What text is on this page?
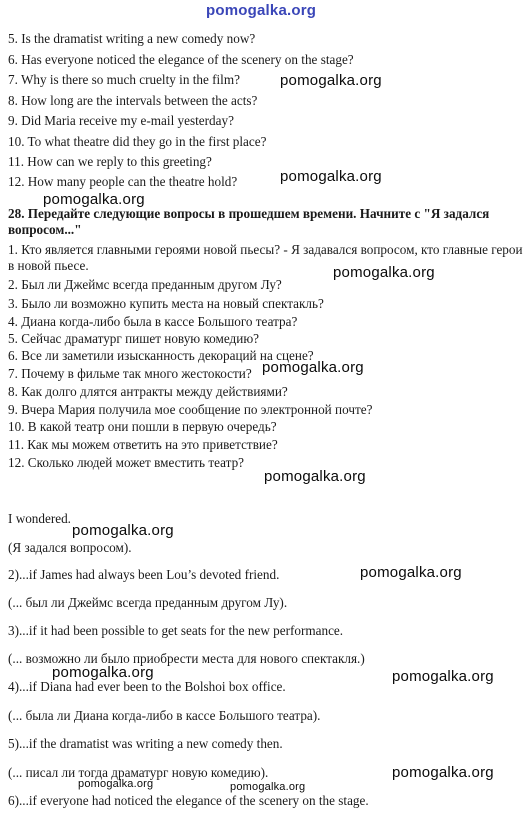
pomogalka.org
5. Is the dramatist writing a new comedy now?
6. Has everyone noticed the elegance of the scenery on the stage?
7. Why is there so much cruelty in the film?
8. How long are the intervals between the acts?
9. Did Maria receive my e-mail yesterday?
10. To what theatre did they go in the first place?
11. How can we reply to this greeting?
12. How many people can the theatre hold?
28. Передайте следующие вопросы в прошедшем времени. Начните с "Я задался вопросом..."
1. Кто является главными героями новой пьесы? - Я задавался вопросом, кто главные герои в новой пьесе.
2. Был ли Джеймс всегда преданным другом Лу?
3. Было ли возможно купить места на новый спектакль?
4. Диана когда-либо была в кассе Большого театра?
5. Сейчас драматург пишет новую комедию?
6. Все ли заметили изысканность декораций на сцене?
7. Почему в фильме так много жестокости?
8. Как долго длятся антракты между действиями?
9. Вчера Мария получила мое сообщение по электронной почте?
10. В какой театр они пошли в первую очередь?
11. Как мы можем ответить на это приветствие?
12. Сколько людей может вместить театр?
I wondered.
(Я задался вопросом).
2)...if James had always been Lou’s devoted friend.
(... был ли Джеймс всегда преданным другом Лу).
3)...if it had been possible to get seats for the new performance.
(... возможно ли было приобрести места для нового спектакля.)
4)...if Diana had ever been to the Bolshoi box office.
(... была ли Диана когда-либо в кассе Большого театра).
5)...if the dramatist was writing a new comedy then.
(... писал ли тогда драматург новую комедию).
6)...if everyone had noticed the elegance of the scenery on the stage.
pomogalka.org
pomogalka.org
pomogalka.org
pomogalka.org
pomogalka.org
pomogalka.org
pomogalka.org
pomogalka.org
pomogalka.org	pomogalka.org
pomogalka.org
pomogalka.org	pomogalka.org
